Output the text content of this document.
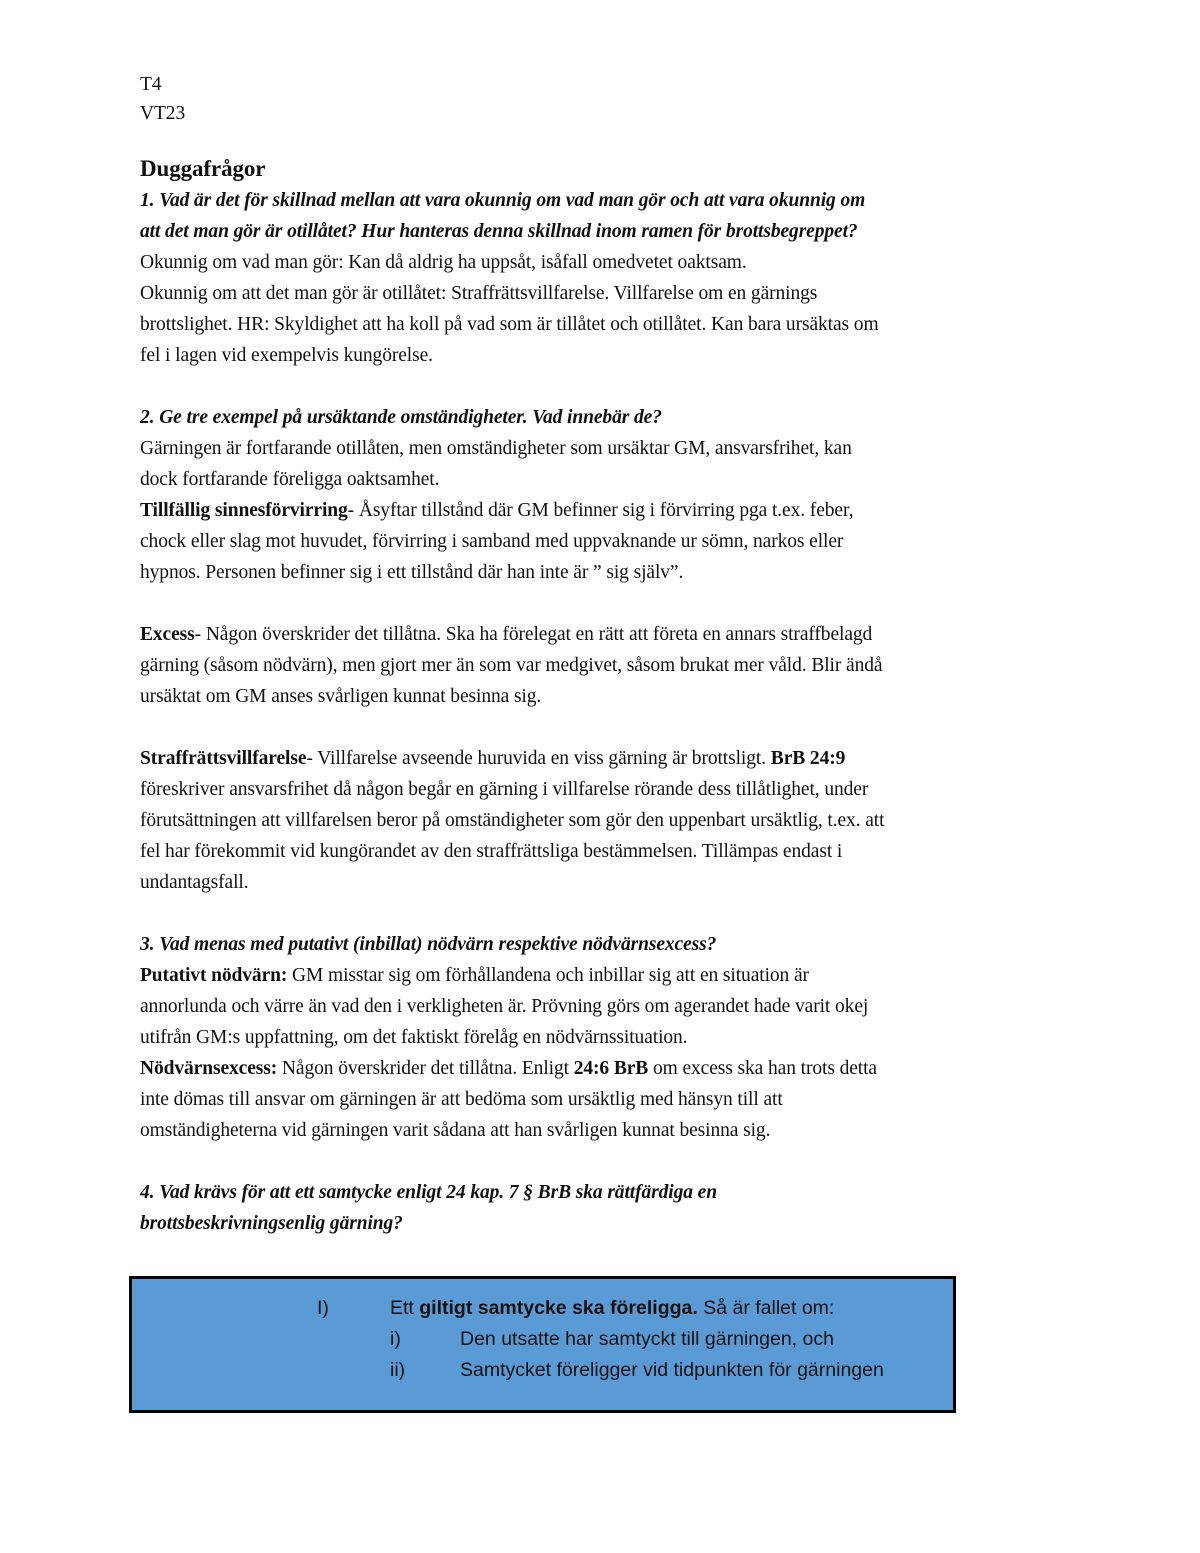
T4
VT23
Duggafrågor
1. Vad är det för skillnad mellan att vara okunnig om vad man gör och att vara okunnig om
att det man gör är otillåtet? Hur hanteras denna skillnad inom ramen för brottsbegreppet?
Okunnig om vad man gör: Kan då aldrig ha uppsåt, isåfall omedvetet oaktsam.
Okunnig om att det man gör är otillåtet: Straffrättsvillfarelse. Villfarelse om en gärnings
brottslighet. HR: Skyldighet att ha koll på vad som är tillåtet och otillåtet. Kan bara ursäktas om
fel i lagen vid exempelvis kungörelse.
2. Ge tre exempel på ursäktande omständigheter. Vad innebär de?
Gärningen är fortfarande otillåten, men omständigheter som ursäktar GM, ansvarsfrihet, kan
dock fortfarande föreligga oaktsamhet.
Tillfällig sinnesförvirring- Åsyftar tillstånd där GM befinner sig i förvirring pga t.ex. feber,
chock eller slag mot huvudet, förvirring i samband med uppvaknande ur sömn, narkos eller
hypnos. Personen befinner sig i ett tillstånd där han inte är ” sig själv”.
Excess- Någon överskrider det tillåtna. Ska ha förelegat en rätt att företa en annars straffbelagd
gärning (såsom nödvärn), men gjort mer än som var medgivet, såsom brukat mer våld. Blir ändå
ursäktat om GM anses svårligen kunnat besinna sig.
Straffrättsvillfarelse- Villfarelse avseende huruvida en viss gärning är brottsligt. BrB 24:9
föreskriver ansvarsfrihet då någon begår en gärning i villfarelse rörande dess tillåtlighet, under
förutsättningen att villfarelsen beror på omständigheter som gör den uppenbart ursäktlig, t.ex. att
fel har förekommit vid kungörandet av den straffrättsliga bestämmelsen. Tillämpas endast i
undantagsfall.
3. Vad menas med putativt (inbillat) nödvärn respektive nödvärnsexcess?
Putativt nödvärn: GM misstar sig om förhållandena och inbillar sig att en situation är
annorlunda och värre än vad den i verkligheten är. Prövning görs om agerandet hade varit okej
utifrån GM:s uppfattning, om det faktiskt förelåg en nödvärnssituation.
Nödvärnsexcess: Någon överskrider det tillåtna. Enligt 24:6 BrB om excess ska han trots detta
inte dömas till ansvar om gärningen är att bedöma som ursäktlig med hänsyn till att
omständigheterna vid gärningen varit sådana att han svårligen kunnat besinna sig.
4. Vad krävs för att ett samtycke enligt 24 kap. 7 § BrB ska rättfärdiga en
brottsbeskrivningsenlig gärning?
I)	Ett giltigt samtycke ska föreligga. Så är fallet om:
i)	Den utsatte har samtyckt till gärningen, och
ii)	Samtycket föreligger vid tidpunkten för gärningen
